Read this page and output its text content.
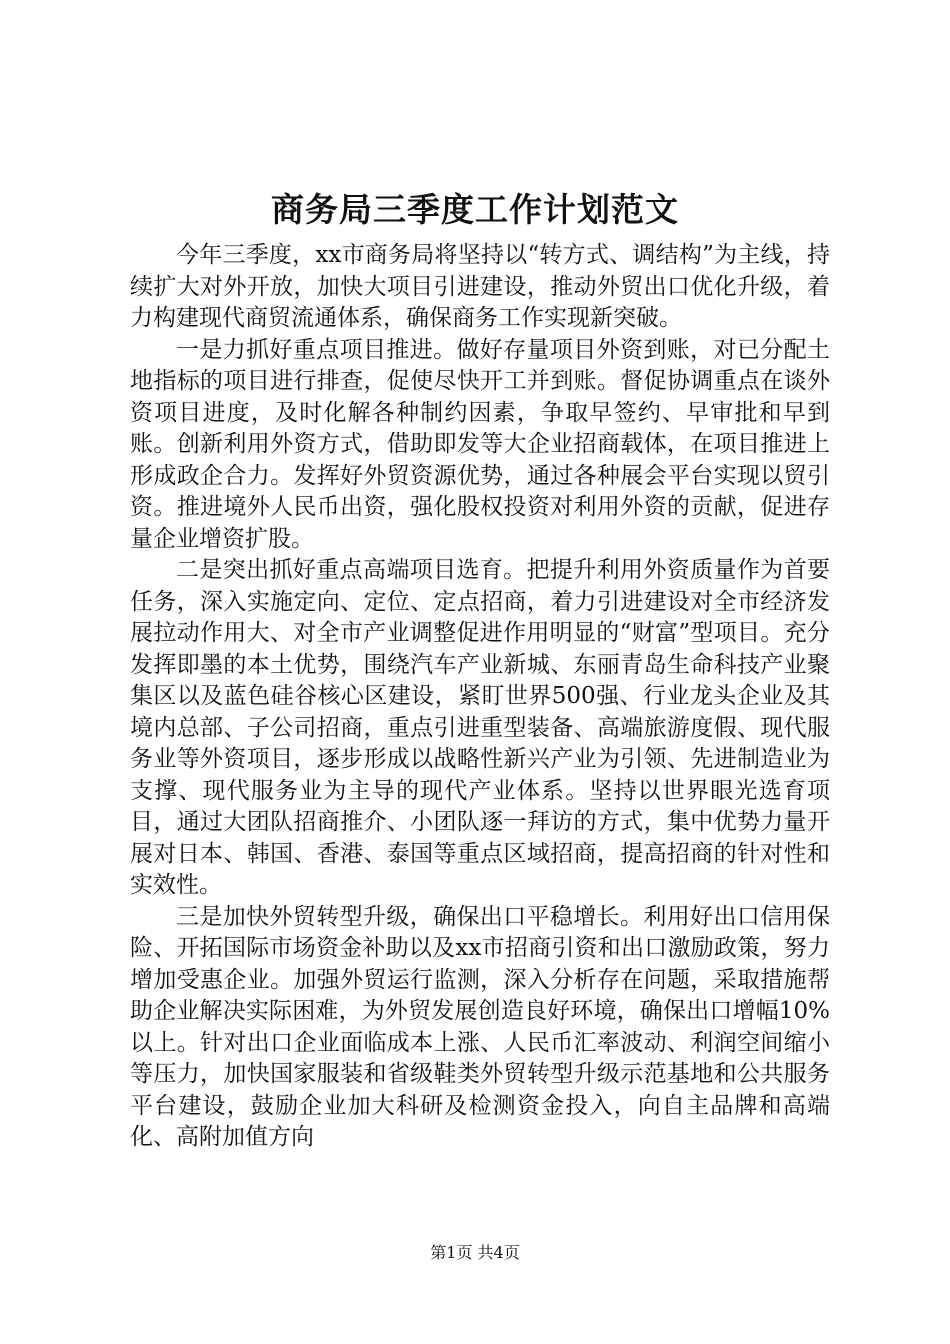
商务局三季度工作计划范文

今年三季度，xx市商务局将坚持以“转方式、调结构”为主线，持续扩大对外开放，加快大项目引进建设，推动外贸出口优化升级，着力构建现代商贸流通体系，确保商务工作实现新突破。

一是力抓好重点项目推进。做好存量项目外资到账，对已分配土地指标的项目进行排查，促使尽快开工并到账。督促协调重点在谈外资项目进度，及时化解各种制约因素，争取早签约、早审批和早到账。创新利用外资方式，借助即发等大企业招商载体，在项目推进上形成政企合力。发挥好外贸资源优势，通过各种展会平台实现以贸引资。推进境外人民币出资，强化股权投资对利用外资的贡献，促进存量企业增资扩股。

二是突出抓好重点高端项目选育。把提升利用外资质量作为首要任务，深入实施定向、定位、定点招商，着力引进建设对全市经济发展拉动作用大、对全市产业调整促进作用明显的“财富”型项目。充分发挥即墨的本土优势，围绕汽车产业新城、东丽青岛生命科技产业聚集区以及蓝色硅谷核心区建设，紧盯世界500强、行业龙头企业及其境内总部、子公司招商，重点引进重型装备、高端旅游度假、现代服务业等外资项目，逐步形成以战略性新兴产业为引领、先进制造业为支撑、现代服务业为主导的现代产业体系。坚持以世界眼光选育项目，通过大团队招商推介、小团队逐一拜访的方式，集中优势力量开展对日本、韩国、香港、泰国等重点区域招商，提高招商的针对性和实效性。

三是加快外贸转型升级，确保出口平稳增长。利用好出口信用保险、开拓国际市场资金补助以及xx市招商引资和出口激励政策，努力增加受惠企业。加强外贸运行监测，深入分析存在问题，采取措施帮助企业解决实际困难，为外贸发展创造良好环境，确保出口增幅10%以上。针对出口企业面临成本上涨、人民币汇率波动、利润空间缩小等压力，加快国家服装和省级鞋类外贸转型升级示范基地和公共服务平台建设，鼓励企业加大科研及检测资金投入，向自主品牌和高端化、高附加值方向

第1页 共4页
